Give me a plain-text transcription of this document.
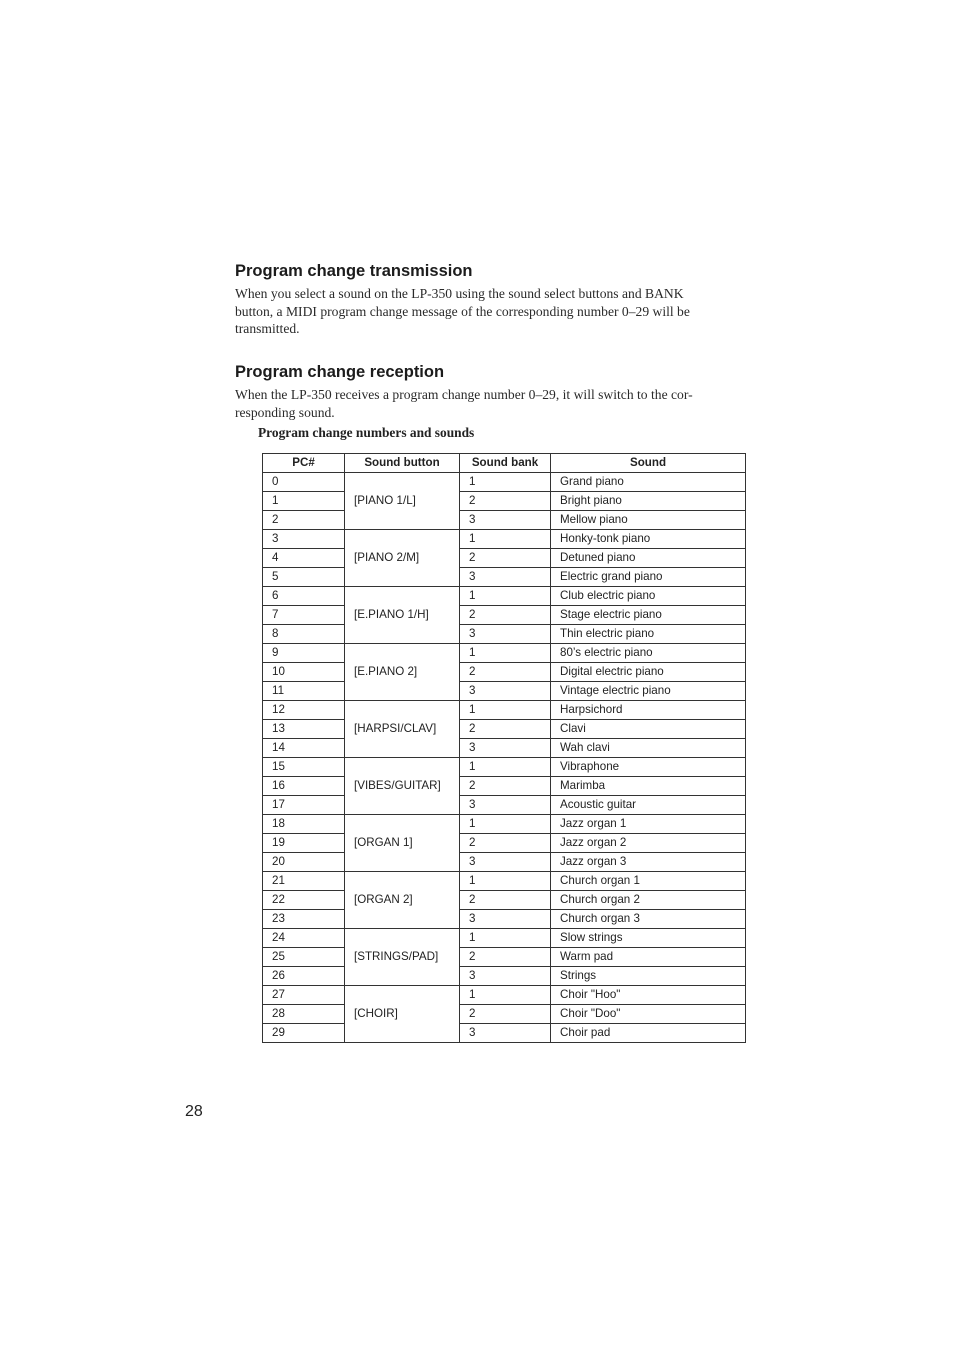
Program change transmission
When you select a sound on the LP-350 using the sound select buttons and BANK
button, a MIDI program change message of the corresponding number 0–29 will be
transmitted.
Program change reception
When the LP-350 receives a program change number 0–29, it will switch to the cor-
responding sound.
Program change numbers and sounds
PC#	Sound button	Sound bank	Sound
0	[PIANO 1/L]	1	Grand piano
1		2	Bright piano
2		3	Mellow piano
3	[PIANO 2/M]	1	Honky-tonk piano
4		2	Detuned piano
5		3	Electric grand piano
6	[E.PIANO 1/H]	1	Club electric piano
7		2	Stage electric piano
8		3	Thin electric piano
9	[E.PIANO 2]	1	80’s electric piano
10		2	Digital electric piano
11		3	Vintage electric piano
12	[HARPSI/CLAV]	1	Harpsichord
13		2	Clavi
14		3	Wah clavi
15	[VIBES/GUITAR]	1	Vibraphone
16		2	Marimba
17		3	Acoustic guitar
18	[ORGAN 1]	1	Jazz organ 1
19		2	Jazz organ 2
20		3	Jazz organ 3
21	[ORGAN 2]	1	Church organ 1
22		2	Church organ 2
23		3	Church organ 3
24	[STRINGS/PAD]	1	Slow strings
25		2	Warm pad
26		3	Strings
27	[CHOIR]	1	Choir "Hoo"
28		2	Choir "Doo"
29		3	Choir pad
28
